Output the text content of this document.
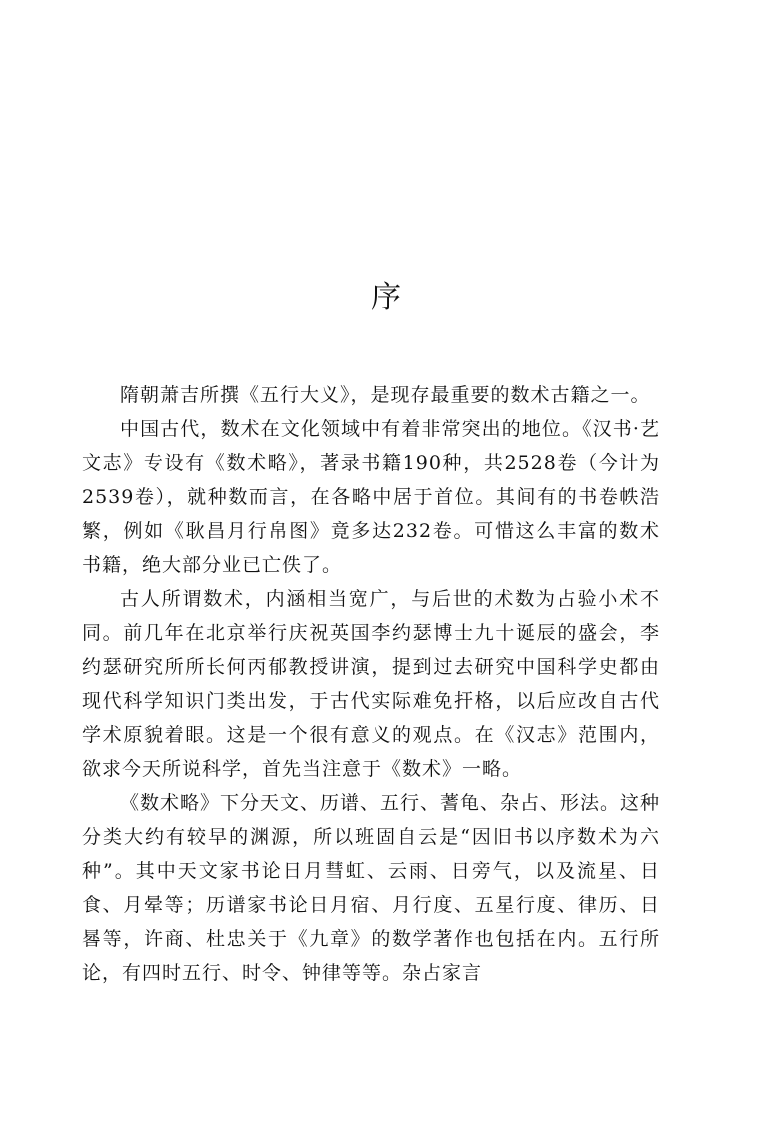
序

隋朝萧吉所撰《五行大义》，是现存最重要的数术古籍之一。

中国古代，数术在文化领域中有着非常突出的地位。《汉书·艺文志》专设有《数术略》，著录书籍190种，共2528卷（今计为2539卷），就种数而言，在各略中居于首位。其间有的书卷帙浩繁，例如《耿昌月行帛图》竟多达232卷。可惜这么丰富的数术书籍，绝大部分业已亡佚了。

古人所谓数术，内涵相当宽广，与后世的术数为占验小术不同。前几年在北京举行庆祝英国李约瑟博士九十诞辰的盛会，李约瑟研究所所长何丙郁教授讲演，提到过去研究中国科学史都由现代科学知识门类出发，于古代实际难免扞格，以后应改自古代学术原貌着眼。这是一个很有意义的观点。在《汉志》范围内，欲求今天所说科学，首先当注意于《数术》一略。

《数术略》下分天文、历谱、五行、蓍龟、杂占、形法。这种分类大约有较早的渊源，所以班固自云是“因旧书以序数术为六种”。其中天文家书论日月彗虹、云雨、日旁气，以及流星、日食、月晕等；历谱家书论日月宿、月行度、五星行度、律历、日晷等，许商、杜忠关于《九章》的数学著作也包括在内。五行所论，有四时五行、时令、钟律等等。杂占家言
